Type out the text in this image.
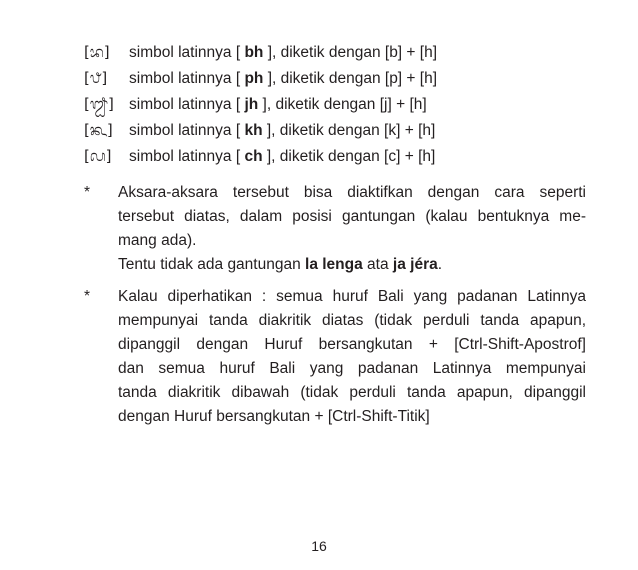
[ᬪ] simbol latinnya [ bh ], diketik dengan [b] + [h]
[ᬨ] simbol latinnya [ ph ], diketik dengan [p] + [h]
[ᬛ] simbol latinnya [ jh ], diketik dengan [j] + [h]
[ᬔ] simbol latinnya [ kh ], diketik dengan [k] + [h]
[ᬙ] simbol latinnya [ ch ], diketik dengan [c] + [h]
*	Aksara-aksara tersebut bisa diaktifkan dengan cara seperti
tersebut diatas, dalam posisi gantungan (kalau bentuknya me-
mang ada).
Tentu tidak ada gantungan la lenga ata ja jéra.
*	Kalau diperhatikan : semua huruf Bali yang padanan Latinnya
mempunyai tanda diakritik diatas (tidak perduli tanda apapun,
dipanggil dengan Huruf bersangkutan + [Ctrl-Shift-Apostrof]
dan semua huruf Bali yang padanan Latinnya mempunyai
tanda diakritik dibawah (tidak perduli tanda apapun, dipanggil
dengan Huruf bersangkutan + [Ctrl-Shift-Titik]
16
